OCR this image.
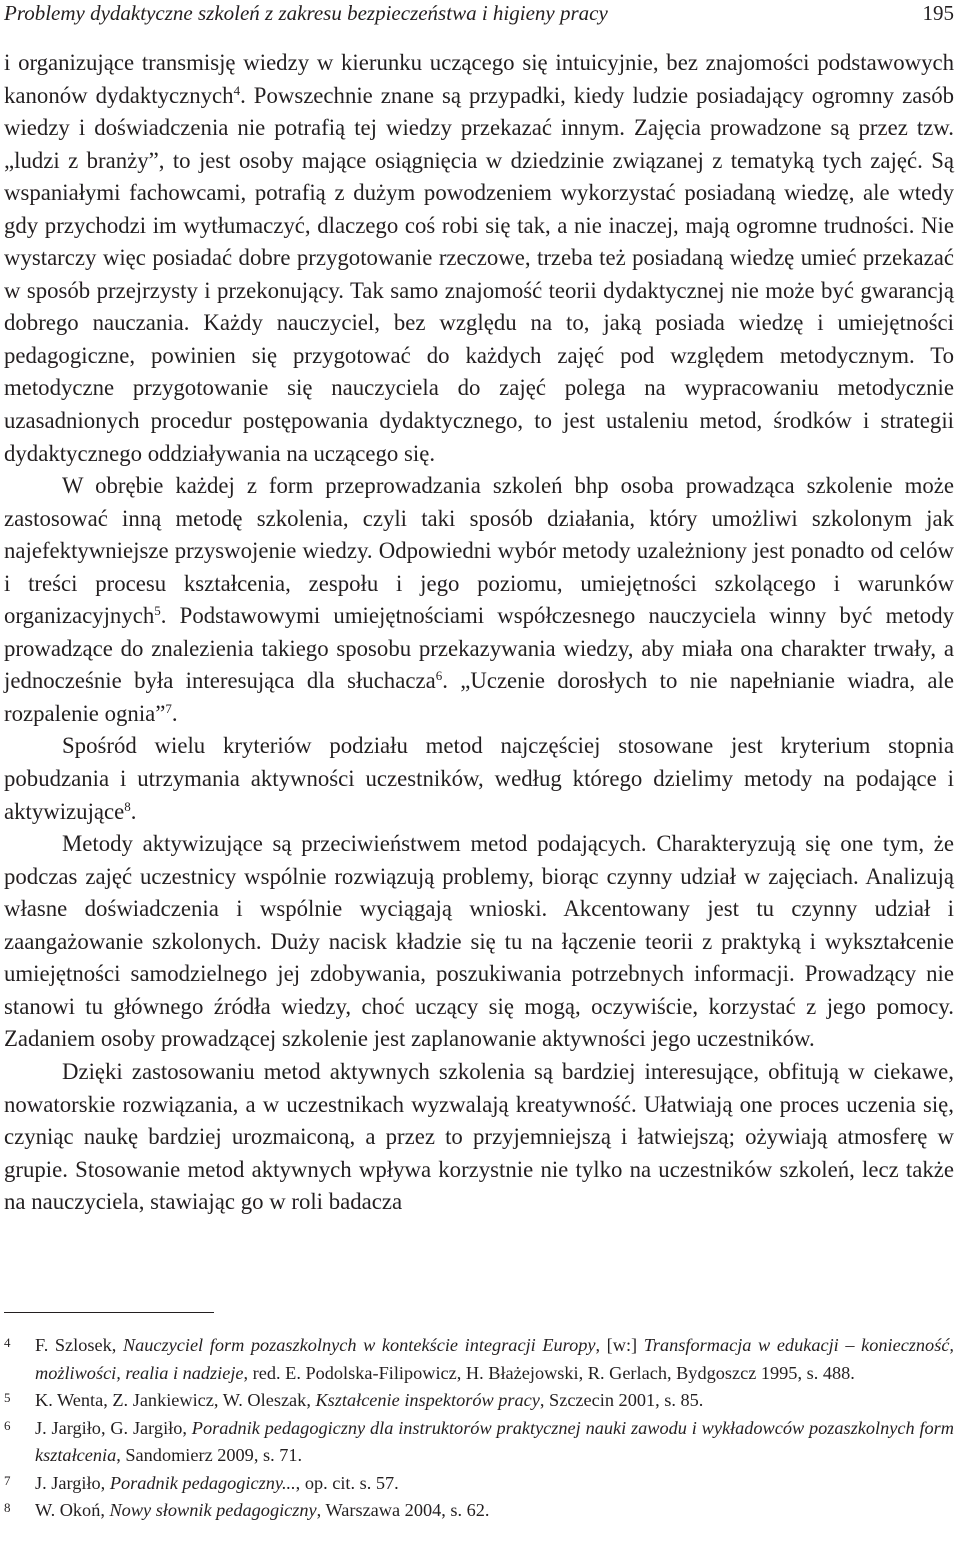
Problemy dydaktyczne szkoleń z zakresu bezpieczeństwa i higieny pracy	195

i organizujące transmisję wiedzy w kierunku uczącego się intuicyjnie, bez znajomości podstawowych kanonów dydaktycznych$^4$. Powszechnie znane są przypadki, kiedy ludzie posiadający ogromny zasób wiedzy i doświadczenia nie potrafią tej wiedzy przekazać innym. Zajęcia prowadzone są przez tzw. „ludzi z branży”, to jest osoby mające osiągnięcia w dziedzinie związanej z tematyką tych zajęć. Są wspaniałymi fachowcami, potrafią z dużym powodzeniem wykorzystać posiadaną wiedzę, ale wtedy gdy przychodzi im wytłumaczyć, dlaczego coś robi się tak, a nie inaczej, mają ogromne trudności. Nie wystarczy więc posiadać dobre przygotowanie rzeczowe, trzeba też posiadaną wiedzę umieć przekazać w sposób przejrzysty i przekonujący. Tak samo znajomość teorii dydaktycznej nie może być gwarancją dobrego nauczania. Każdy nauczyciel, bez względu na to, jaką posiada wiedzę i umiejętności pedagogiczne, powinien się przygotować do każdych zajęć pod względem metodycznym. To metodyczne przygotowanie się nauczyciela do zajęć polega na wypracowaniu metodycznie uzasadnionych procedur postępowania dydaktycznego, to jest ustaleniu metod, środków i strategii dydaktycznego oddziaływania na uczącego się.

W obrębie każdej z form przeprowadzania szkoleń bhp osoba prowadząca szkolenie może zastosować inną metodę szkolenia, czyli taki sposób działania, który umożliwi szkolonym jak najefektywniejsze przyswojenie wiedzy. Odpowiedni wybór metody uzależniony jest ponadto od celów i treści procesu kształcenia, zespołu i jego poziomu, umiejętności szkolącego i warunków organizacyjnych$^5$. Podstawowymi umiejętnościami współczesnego nauczyciela winny być metody prowadzące do znalezienia takiego sposobu przekazywania wiedzy, aby miała ona charakter trwały, a jednocześnie była interesująca dla słuchacza$^6$. „Uczenie dorosłych to nie napełnianie wiadra, ale rozpalenie ognia”$^7$.

Spośród wielu kryteriów podziału metod najczęściej stosowane jest kryterium stopnia pobudzania i utrzymania aktywności uczestników, według którego dzielimy metody na podające i aktywizujące$^8$.

Metody aktywizujące są przeciwieństwem metod podających. Charakteryzują się one tym, że podczas zajęć uczestnicy wspólnie rozwiązują problemy, biorąc czynny udział w zajęciach. Analizują własne doświadczenia i wspólnie wyciągają wnioski. Akcentowany jest tu czynny udział i zaangażowanie szkolonych. Duży nacisk kładzie się tu na łączenie teorii z praktyką i wykształcenie umiejętności samodzielnego jej zdobywania, poszukiwania potrzebnych informacji. Prowadzący nie stanowi tu głównego źródła wiedzy, choć uczący się mogą, oczywiście, korzystać z jego pomocy. Zadaniem osoby prowadzącej szkolenie jest zaplanowanie aktywności jego uczestników.

Dzięki zastosowaniu metod aktywnych szkolenia są bardziej interesujące, obfitują w ciekawe, nowatorskie rozwiązania, a w uczestnikach wyzwalają kreatywność. Ułatwiają one proces uczenia się, czyniąc naukę bardziej urozmaiconą, a przez to przyjemniejszą i łatwiejszą; ożywiają atmosferę w grupie. Stosowanie metod aktywnych wpływa korzystnie nie tylko na uczestników szkoleń, lecz także na nauczyciela, stawiając go w roli badacza

4 F. Szlosek, Nauczyciel form pozaszkolnych w kontekście integracji Europy, [w:] Transformacja w edukacji – konieczność, możliwości, realia i nadzieje, red. E. Podolska-Filipowicz, H. Błażejowski, R. Gerlach, Bydgoszcz 1995, s. 488.

5 K. Wenta, Z. Jankiewicz, W. Oleszak, Kształcenie inspektorów pracy, Szczecin 2001, s. 85.

6 J. Jargiło, G. Jargiło, Poradnik pedagogiczny dla instruktorów praktycznej nauki zawodu i wykładowców pozaszkolnych form kształcenia, Sandomierz 2009, s. 71.

7 J. Jargiło, Poradnik pedagogiczny..., op. cit. s. 57.

8 W. Okoń, Nowy słownik pedagogiczny, Warszawa 2004, s. 62.
